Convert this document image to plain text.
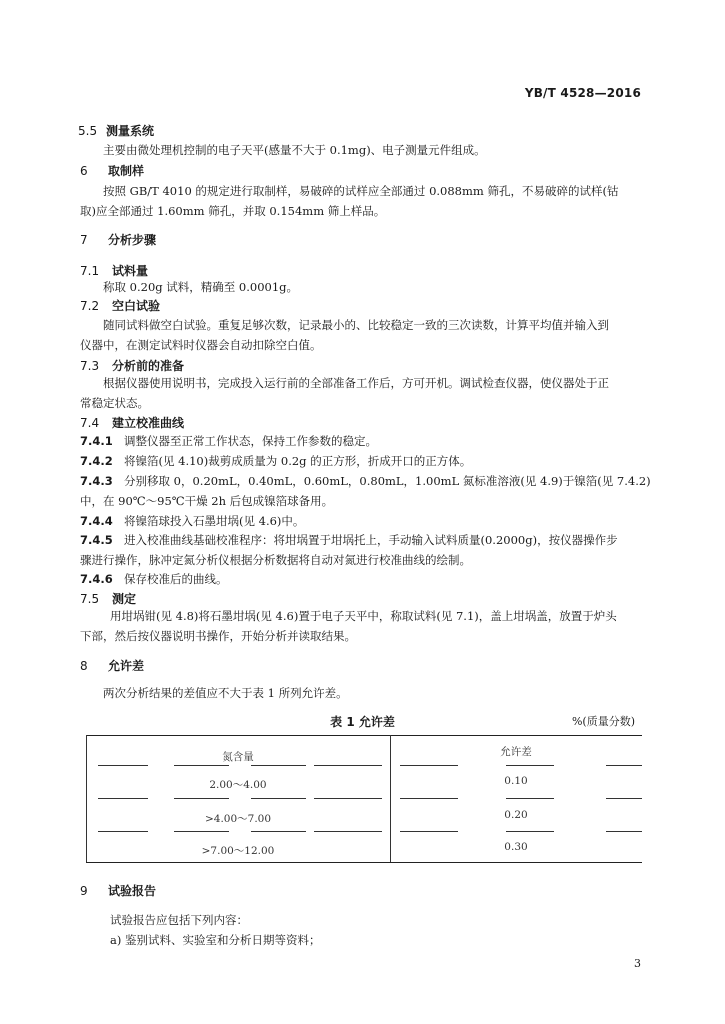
YB/T 4528—2016
5.5 测量系统
主要由微处理机控制的电子天平(感量不大于 0.1mg)、电子测量元件组成。
6 取制样
按照 GB/T 4010 的规定进行取制样，易破碎的试样应全部通过 0.088mm 筛孔，不易破碎的试样(钴
取)应全部通过 1.60mm 筛孔，并取 0.154mm 筛上样品。
7 分析步骤
7.1 试料量
称取 0.20g 试料，精确至 0.0001g。
7.2 空白试验
随同试料做空白试验。重复足够次数，记录最小的、比较稳定一致的三次读数，计算平均值并输入到
仪器中，在测定试料时仪器会自动扣除空白值。
7.3 分析前的准备
根据仪器使用说明书，完成投入运行前的全部准备工作后，方可开机。调试检查仪器，使仪器处于正
常稳定状态。
7.4 建立校准曲线
7.4.1 调整仪器至正常工作状态，保持工作参数的稳定。
7.4.2 将镍箔(见 4.10)裁剪成质量为 0.2g 的正方形，折成开口的正方体。
7.4.3 分别移取 0，0.20mL，0.40mL，0.60mL，0.80mL，1.00mL 氮标准溶液(见 4.9)于镍箔(见 7.4.2)
中，在 90℃～95℃干燥 2h 后包成镍箔球备用。
7.4.4 将镍箔球投入石墨坩埚(见 4.6)中。
7.4.5 进入校准曲线基础校准程序：将坩埚置于坩埚托上，手动输入试料质量(0.2000g)，按仪器操作步
骤进行操作，脉冲定氮分析仪根据分析数据将自动对氮进行校准曲线的绘制。
7.4.6 保存校准后的曲线。
7.5 测定
用坩埚钳(见 4.8)将石墨坩埚(见 4.6)置于电子天平中，称取试料(见 7.1)，盖上坩埚盖，放置于炉头
下部，然后按仪器说明书操作，开始分析并读取结果。
8 允许差
两次分析结果的差值应不大于表 1 所列允许差。
表 1 允许差	%(质量分数)
氮含量	允许差
2.00～4.00	0.10
>4.00～7.00	0.20
>7.00～12.00	0.30
9 试验报告
试验报告应包括下列内容：
a) 鉴别试料、实验室和分析日期等资料；
3
